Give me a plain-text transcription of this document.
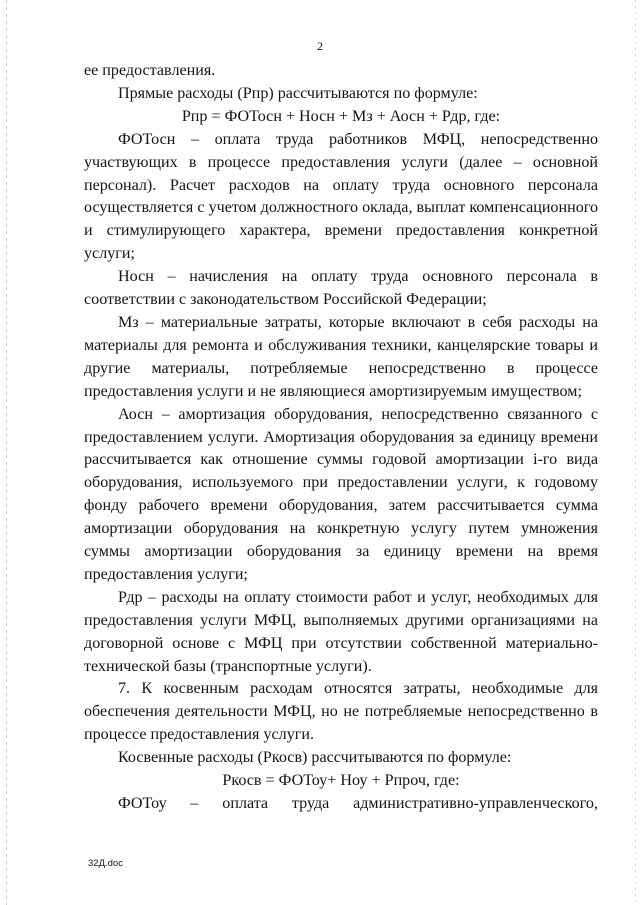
2

ее предоставления.

Прямые расходы (Рпр) рассчитываются по формуле:

Рпр = ФОТосн + Носн + Мз + Аосн + Рдр, где:

ФОТосн – оплата труда работников МФЦ, непосредственно участвующих в процессе предоставления услуги (далее – основной персонал). Расчет расходов на оплату труда основного персонала осуществляется с учетом должностного оклада, выплат компенсационного и стимулирующего характера, времени предоставления конкретной услуги;

Носн – начисления на оплату труда основного персонала в соответствии с законодательством Российской Федерации;

Мз – материальные затраты, которые включают в себя расходы на материалы для ремонта и обслуживания техники, канцелярские товары и другие материалы, потребляемые непосредственно в процессе предоставления услуги и не являющиеся амортизируемым имуществом;

Аосн – амортизация оборудования, непосредственно связанного с предоставлением услуги. Амортизация оборудования за единицу времени рассчитывается как отношение суммы годовой амортизации i-го вида оборудования, используемого при предоставлении услуги, к годовому фонду рабочего времени оборудования, затем рассчитывается сумма амортизации оборудования на конкретную услугу путем умножения суммы амортизации оборудования за единицу времени на время предоставления услуги;

Рдр – расходы на оплату стоимости работ и услуг, необходимых для предоставления услуги МФЦ, выполняемых другими организациями на договорной основе с МФЦ при отсутствии собственной материально-технической базы (транспортные услуги).

7. К косвенным расходам относятся затраты, необходимые для обеспечения деятельности МФЦ, но не потребляемые непосредственно в процессе предоставления услуги.

Косвенные расходы (Ркосв) рассчитываются по формуле:

Ркосв = ФОТоу+ Ноу + Рпроч, где:

ФОТоу – оплата труда административно-управленческого,

32Д.doc
